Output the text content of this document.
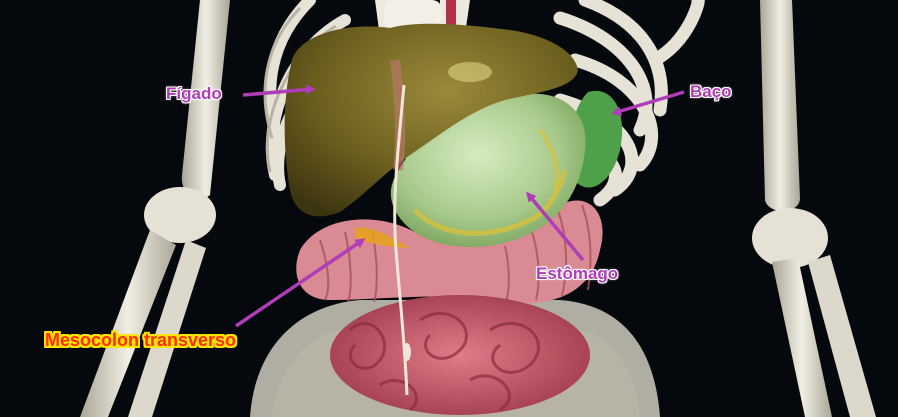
Fígado	Baço
Estômago
Mesocolon transverso
